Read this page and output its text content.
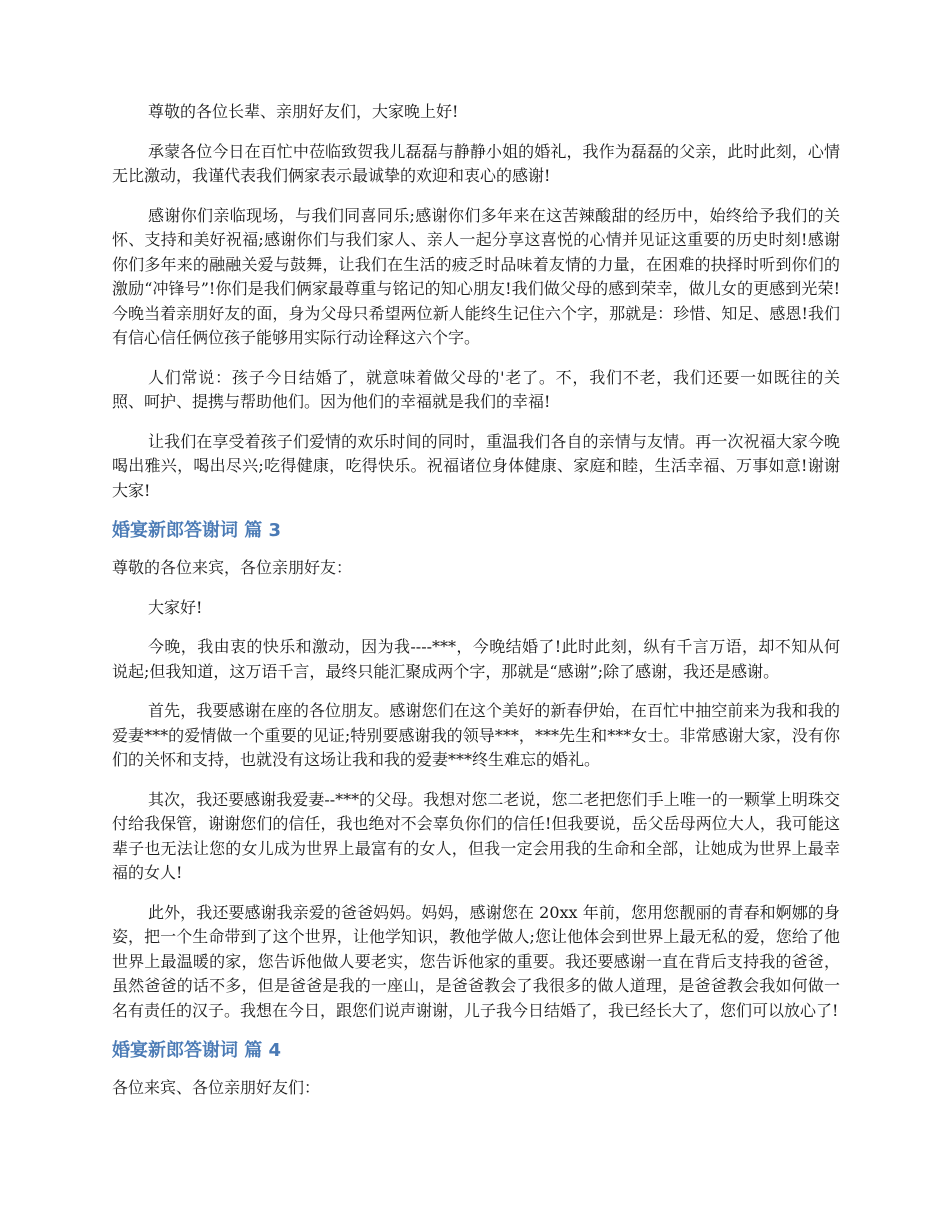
尊敬的各位长辈、亲朋好友们，大家晚上好!

承蒙各位今日在百忙中莅临致贺我儿磊磊与静静小姐的婚礼，我作为磊磊的父亲，此时此刻，心情无比激动，我谨代表我们俩家表示最诚挚的欢迎和衷心的感谢!

感谢你们亲临现场，与我们同喜同乐;感谢你们多年来在这苦辣酸甜的经历中，始终给予我们的关怀、支持和美好祝福;感谢你们与我们家人、亲人一起分享这喜悦的心情并见证这重要的历史时刻!感谢你们多年来的融融关爱与鼓舞，让我们在生活的疲乏时品味着友情的力量，在困难的抉择时听到你们的激励“冲锋号”!你们是我们俩家最尊重与铭记的知心朋友!我们做父母的感到荣幸，做儿女的更感到光荣!今晚当着亲朋好友的面，身为父母只希望两位新人能终生记住六个字，那就是：珍惜、知足、感恩!我们有信心信任俩位孩子能够用实际行动诠释这六个字。

人们常说：孩子今日结婚了，就意味着做父母的'老了。不，我们不老，我们还要一如既往的关照、呵护、提携与帮助他们。因为他们的幸福就是我们的幸福!

让我们在享受着孩子们爱情的欢乐时间的同时，重温我们各自的亲情与友情。再一次祝福大家今晚喝出雅兴，喝出尽兴;吃得健康，吃得快乐。祝福诸位身体健康、家庭和睦，生活幸福、万事如意!谢谢大家!

婚宴新郎答谢词 篇 3

尊敬的各位来宾，各位亲朋好友：

大家好!

今晚，我由衷的快乐和激动，因为我----***，今晚结婚了!此时此刻，纵有千言万语，却不知从何说起;但我知道，这万语千言，最终只能汇聚成两个字，那就是“感谢”;除了感谢，我还是感谢。

首先，我要感谢在座的各位朋友。感谢您们在这个美好的新春伊始，在百忙中抽空前来为我和我的爱妻***的爱情做一个重要的见证;特别要感谢我的领导***，***先生和***女士。非常感谢大家，没有你们的关怀和支持，也就没有这场让我和我的爱妻***终生难忘的婚礼。

其次，我还要感谢我爱妻--***的父母。我想对您二老说，您二老把您们手上唯一的一颗掌上明珠交付给我保管，谢谢您们的信任，我也绝对不会辜负你们的信任!但我要说，岳父岳母两位大人，我可能这辈子也无法让您的女儿成为世界上最富有的女人，但我一定会用我的生命和全部，让她成为世界上最幸福的女人!

此外，我还要感谢我亲爱的爸爸妈妈。妈妈，感谢您在 20xx 年前，您用您靓丽的青春和婀娜的身姿，把一个生命带到了这个世界，让他学知识，教他学做人;您让他体会到世界上最无私的爱，您给了他世界上最温暖的家，您告诉他做人要老实，您告诉他家的重要。我还要感谢一直在背后支持我的爸爸，虽然爸爸的话不多，但是爸爸是我的一座山，是爸爸教会了我很多的做人道理，是爸爸教会我如何做一名有责任的汉子。我想在今日，跟您们说声谢谢，儿子我今日结婚了，我已经长大了，您们可以放心了!

婚宴新郎答谢词 篇 4

各位来宾、各位亲朋好友们：
